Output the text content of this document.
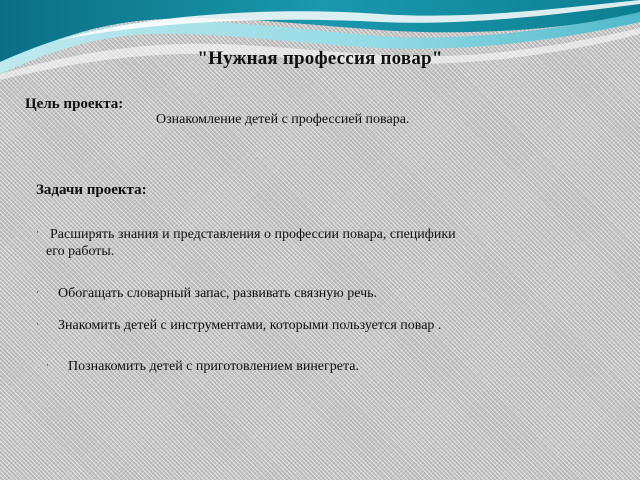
"Нужная профессия повар"
Цель проекта:
Ознакомление детей с профессией повара.
Задачи проекта:
· Расширять знания и представления о профессии повара, специфики
его работы.
·	Обогащать словарный запас, развивать связную речь.
·	Знакомить детей с инструментами, которыми пользуется повар .
·	Познакомить детей с приготовлением винегрета.
